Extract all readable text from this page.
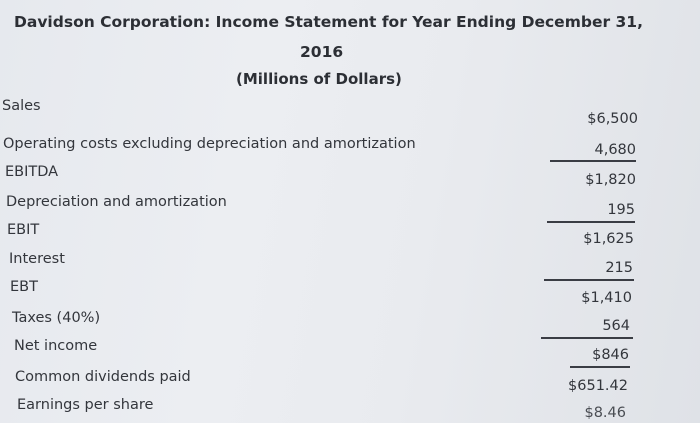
Davidson Corporation: Income Statement for Year Ending December 31,
2016
(Millions of Dollars)
Sales
Operating costs excluding depreciation and amortization
EBITDA
Depreciation and amortization
EBIT
Interest
EBT
Taxes (40%)
Net income
Common dividends paid
Earnings per share
$6,500
4,680
$1,820
195
$1,625
215
$1,410
564
$846
$651.42
$8.46
